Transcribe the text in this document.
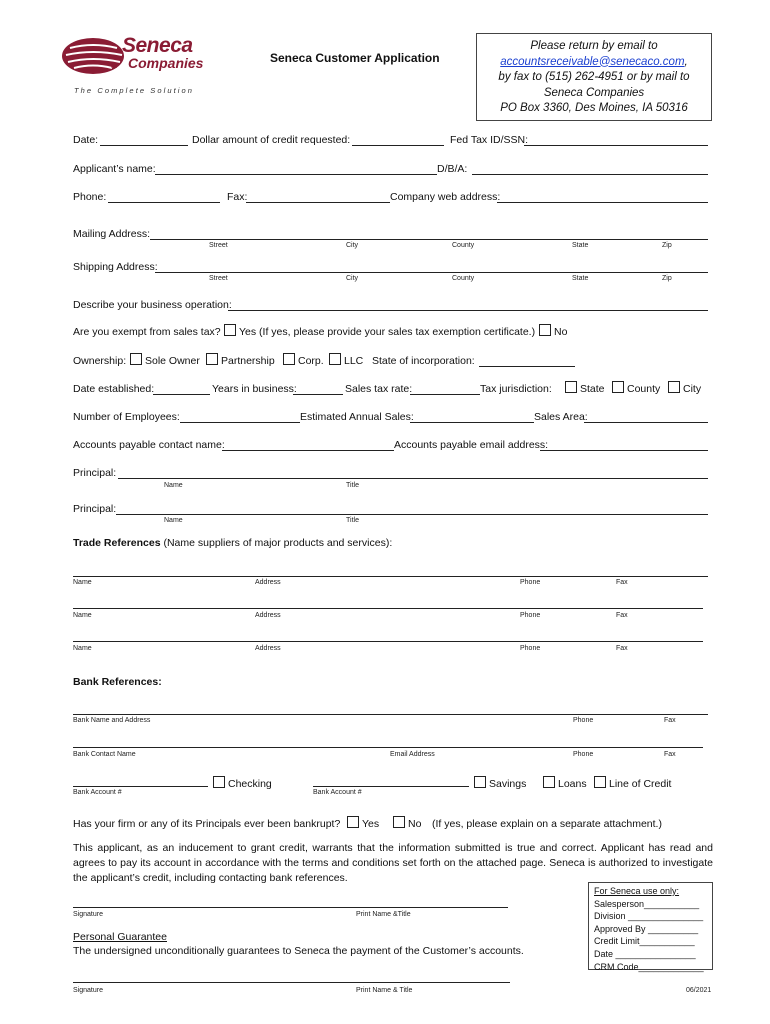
Seneca
Companies
TM
T h e   C o m p l e t e   S o l u t i o n
Seneca Customer Application
Please return by email to
accountsreceivable@senecaco.com,
by fax to (515) 262-4951 or by mail to
Seneca Companies
PO Box 3360, Des Moines, IA 50316
Date:	Dollar amount of credit requested:	Fed Tax ID/SSN:
Applicant’s name:	D/B/A:
Phone:	Fax:	Company web address:
Mailing Address:
Street	City	County	State	Zip
Shipping Address:
Street	City	County	State	Zip
Describe your business operation:
Are you exempt from sales tax?	Yes (If yes, please provide your sales tax exemption certificate.)	No
Ownership:	Sole Owner	Partnership	Corp.	LLC State of incorporation:
Date established:	Years in business:	Sales tax rate:	Tax jurisdiction:	State	County	City
Number of Employees:	Estimated Annual Sales:	Sales Area:
Accounts payable contact name:	Accounts payable email address:
Principal:
Name	Title
Principal:
Name	Title
Trade References (Name suppliers of major products and services):
Name	Address	Phone	Fax
Name	Address	Phone	Fax
Name	Address	Phone	Fax
Bank References:
Bank Name and Address	Phone	Fax
Bank Contact Name	Email Address	Phone	Fax
Checking
Bank Account #
Savings
Bank Account #
Loans	Line of Credit
Has your firm or any of its Principals ever been bankrupt?	Yes	No (If yes, please explain on a separate attachment.)
This applicant, as an inducement to grant credit, warrants that the information submitted is true and correct. Applicant has read and agrees to pay its account in accordance with the terms and conditions set forth on the attached page. Seneca is authorized to investigate the applicant’s credit, including contacting bank references.
Signature	Print Name &Title
For Seneca use only:
Salesperson___________
Division _______________
Approved By __________
Credit Limit___________
Date ________________
CRM Code_____________
Personal Guarantee
The undersigned unconditionally guarantees to Seneca the payment of the Customer’s accounts.
Signature	Print Name & Title	06/2021
